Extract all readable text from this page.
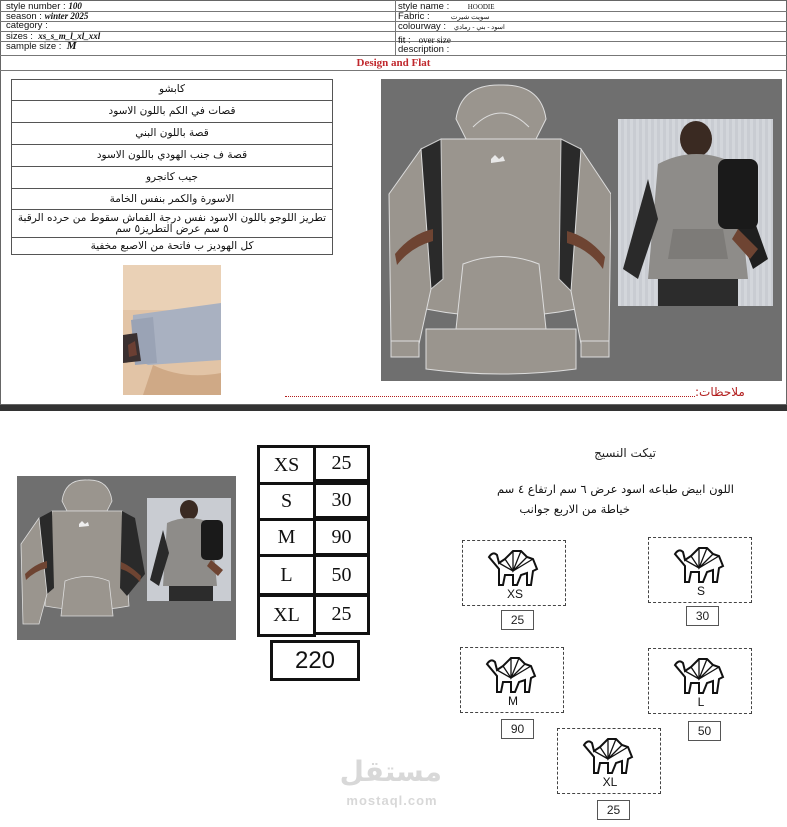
style number : 100
season : winter 2025
category :
sizes : xs_s_m_l_xl_xxl
sample size : M
style name :	HOODIE
Fabric :	سويت شيرت
colourway : اسود - بني - رمادي
fit : over size
description :
Design and Flat
كابشو
قصات في الكم باللون الاسود
قصة باللون البني
قصة ف جنب الهودي باللون الاسود
جيب كانجرو
الاسورة والكمر بنفس الخامة
تطريز اللوجو باللون الاسود نفس درجة القماش سقوط من حرده الرقبة ٥ سم عرض التطريز٥ سم
كل الهوديز ب فاتحة من الاصبع مخفية
ملاحظات:
XS	25
S	30
M	90
L	50
XL	25
220
تيكت النسيج
اللون ابيض طباعه اسود عرض ٦ سم ارتفاع ٤ سم
خياطة من الاربع جوانب
XS
25
S
30
M
90
L
50
XL
25
مستقل
mostaql.com
